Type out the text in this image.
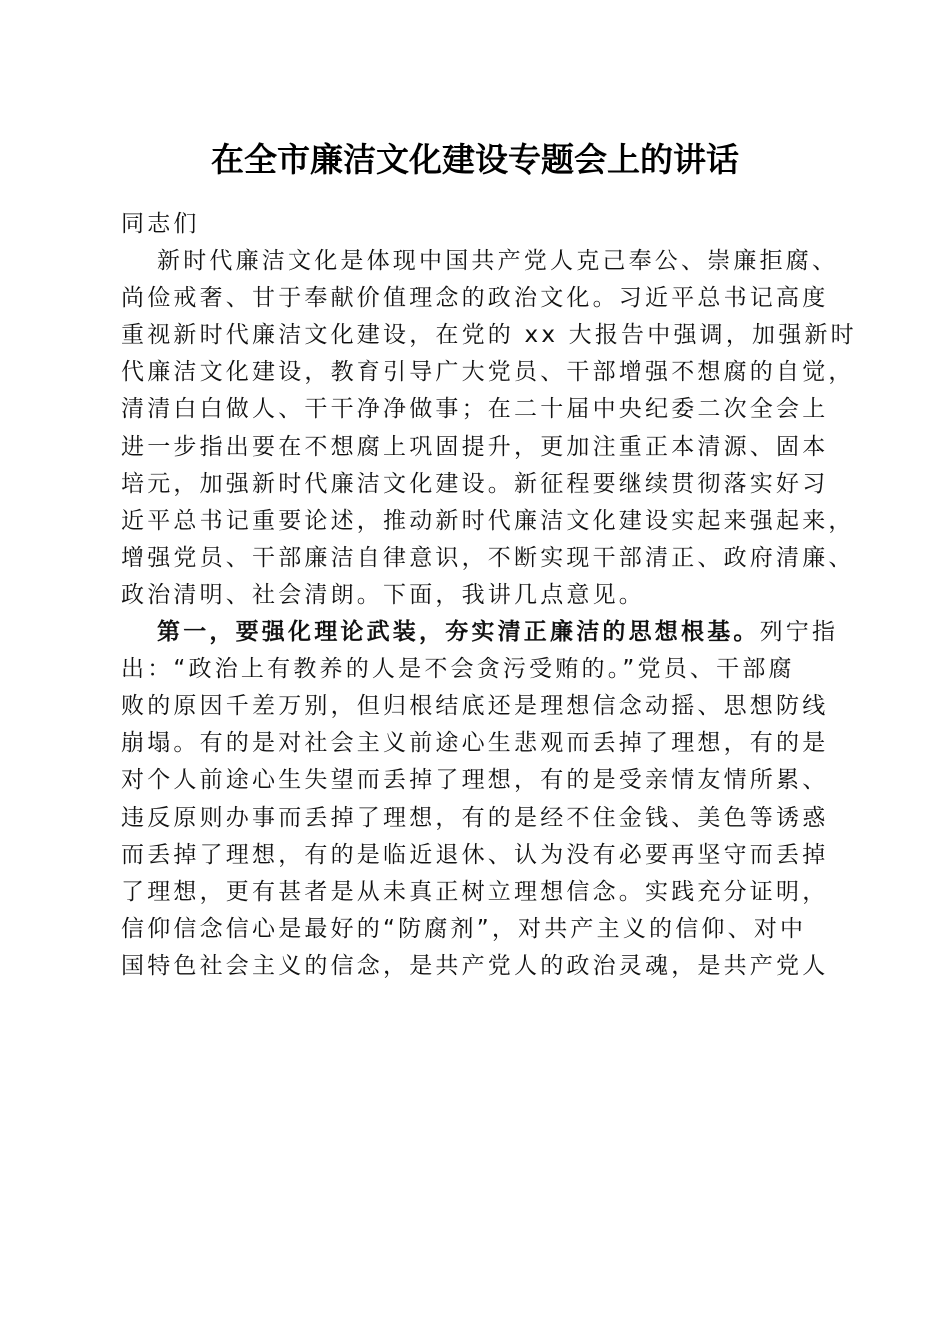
在全市廉洁文化建设专题会上的讲话
同志们
新时代廉洁文化是体现中国共产党人克己奉公、崇廉拒腐、
尚俭戒奢、甘于奉献价值理念的政治文化。习近平总书记高度
重视新时代廉洁文化建设，在党的 xx 大报告中强调，加强新时
代廉洁文化建设，教育引导广大党员、干部增强不想腐的自觉，
清清白白做人、干干净净做事；在二十届中央纪委二次全会上
进一步指出要在不想腐上巩固提升，更加注重正本清源、固本
培元，加强新时代廉洁文化建设。新征程要继续贯彻落实好习
近平总书记重要论述，推动新时代廉洁文化建设实起来强起来，
增强党员、干部廉洁自律意识，不断实现干部清正、政府清廉、
政治清明、社会清朗。下面，我讲几点意见。
第一，要强化理论武装，夯实清正廉洁的思想根基。列宁指
出：“政治上有教养的人是不会贪污受贿的。”党员、干部腐
败的原因千差万别，但归根结底还是理想信念动摇、思想防线
崩塌。有的是对社会主义前途心生悲观而丢掉了理想，有的是
对个人前途心生失望而丢掉了理想，有的是受亲情友情所累、
违反原则办事而丢掉了理想，有的是经不住金钱、美色等诱惑
而丢掉了理想，有的是临近退休、认为没有必要再坚守而丢掉
了理想，更有甚者是从未真正树立理想信念。实践充分证明，
信仰信念信心是最好的“防腐剂”，对共产主义的信仰、对中
国特色社会主义的信念，是共产党人的政治灵魂，是共产党人
